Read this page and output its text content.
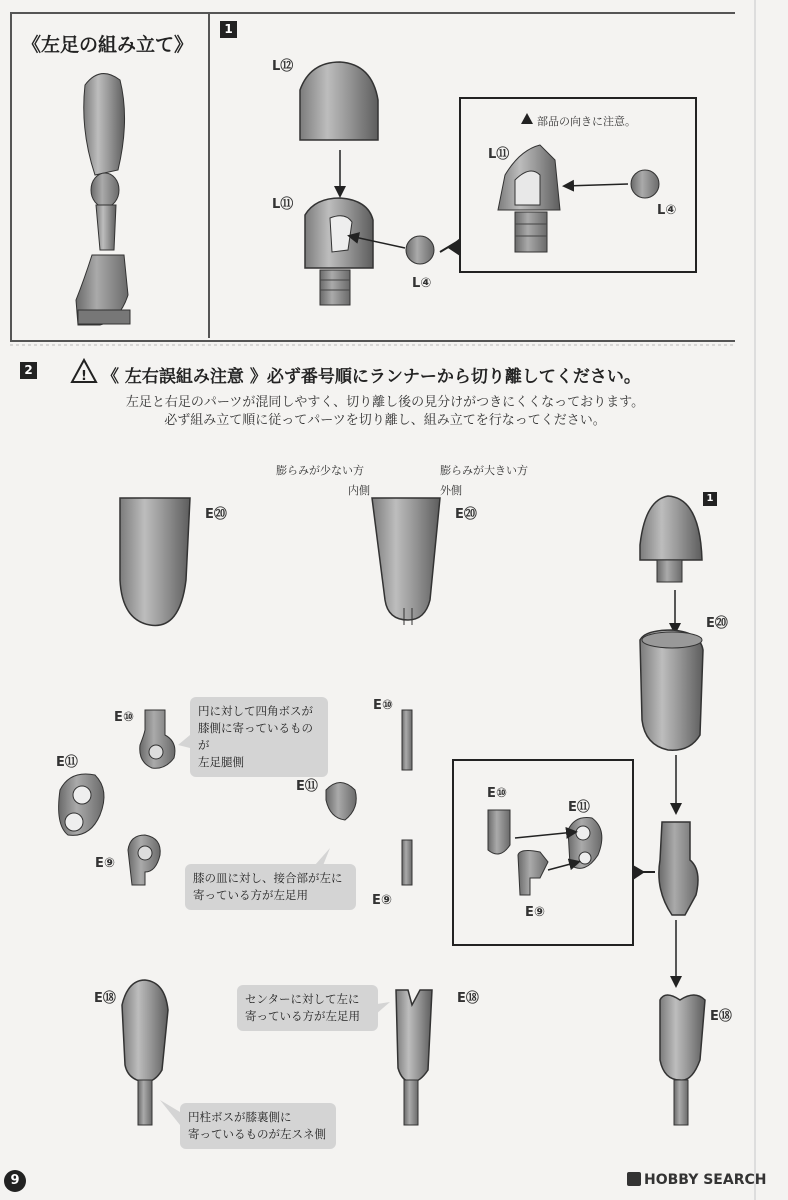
《左足の組み立て》
!
1
L⑫
L⑪
L④
部品の向きに注意。
L⑪
L④
2	《 左右誤組み注意 》必ず番号順にランナーから切り離してください。
左足と右足のパーツが混同しやすく、切り離し後の見分けがつきにくくなっております。
必ず組み立て順に従ってパーツを切り離し、組み立てを行なってください。
膨らみが少ない方
内側
膨らみが大きい方
外側
E⑳	E⑳
1
E⑳
E⑩
E⑩
E⑪
E⑪
E⑨
E⑨
E⑩
E⑪
E⑨
E⑱	E⑱
E⑱
円に対して四角ボスが
膝側に寄っているものが
左足腿側
膝の皿に対し、接合部が左に
寄っている方が左足用
センターに対して左に
寄っている方が左足用
円柱ボスが膝裏側に
寄っているものが左スネ側
9	HOBBY SEARCH
